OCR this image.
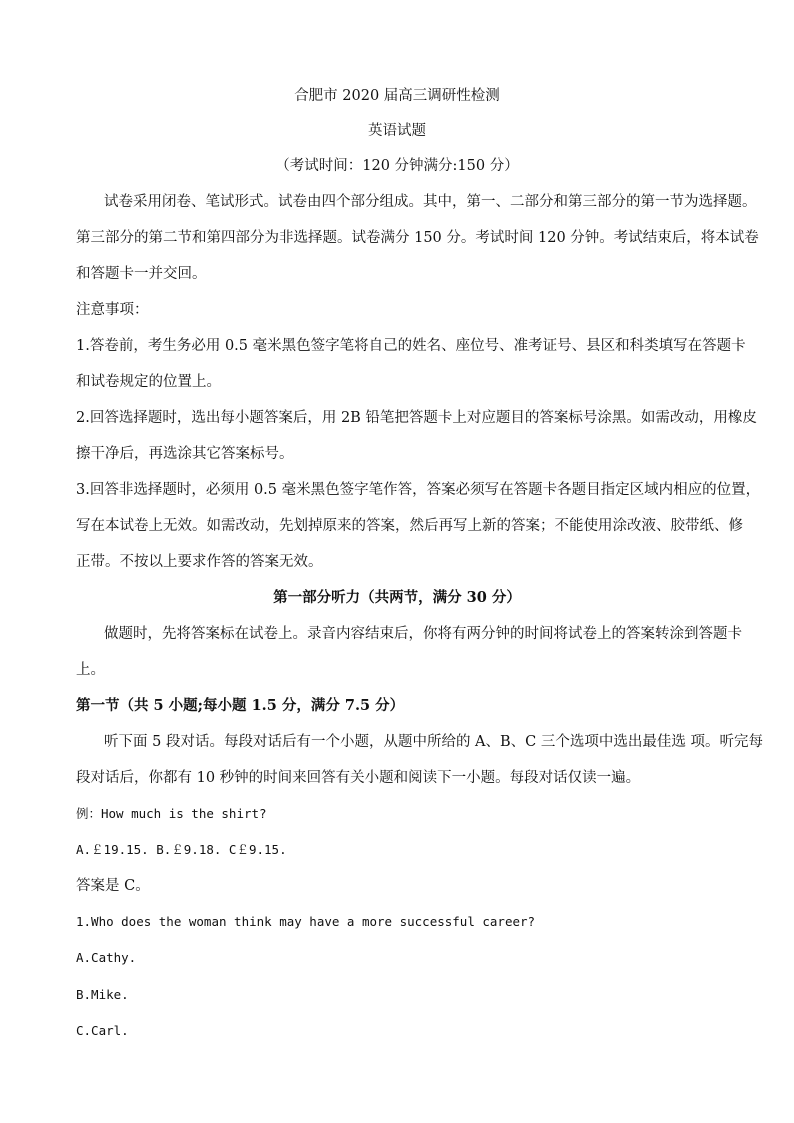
合肥市 2020 届高三调研性检测
英语试题
（考试时间：120 分钟满分:150 分）
试卷采用闭卷、笔试形式。试卷由四个部分组成。其中，第一、二部分和第三部分的第一节为选择题。
第三部分的第二节和第四部分为非选择题。试卷满分 150 分。考试时间 120 分钟。考试结束后，将本试卷
和答题卡一并交回。
注意事项：
1.答卷前，考生务必用 0.5 毫米黑色签字笔将自己的姓名、座位号、准考证号、县区和科类填写在答题卡
和试卷规定的位置上。
2.回答选择题时，选出每小题答案后，用 2B 铅笔把答题卡上对应题目的答案标号涂黑。如需改动，用橡皮
擦干净后，再选涂其它答案标号。
3.回答非选择题时，必须用 0.5 毫米黑色签字笔作答，答案必须写在答题卡各题目指定区域内相应的位置，
写在本试卷上无效。如需改动，先划掉原来的答案，然后再写上新的答案；不能使用涂改液、胶带纸、修
正带。不按以上要求作答的答案无效。
第一部分听力（共两节，满分 30 分）
做题时，先将答案标在试卷上。录音内容结束后，你将有两分钟的时间将试卷上的答案转涂到答题卡
上。
第一节（共 5 小题;每小题 1.5 分，满分 7.5 分）
听下面 5 段对话。每段对话后有一个小题，从题中所给的 A、B、C 三个选项中选出最佳选 项。听完每
段对话后，你都有 10 秒钟的时间来回答有关小题和阅读下一小题。每段对话仅读一遍。
例：How much is the shirt?
A.￡19.15. B.￡9.18. C￡9.15.
答案是 C。
1.Who does the woman think may have a more successful career?
A.Cathy.
B.Mike.
C.Carl.
